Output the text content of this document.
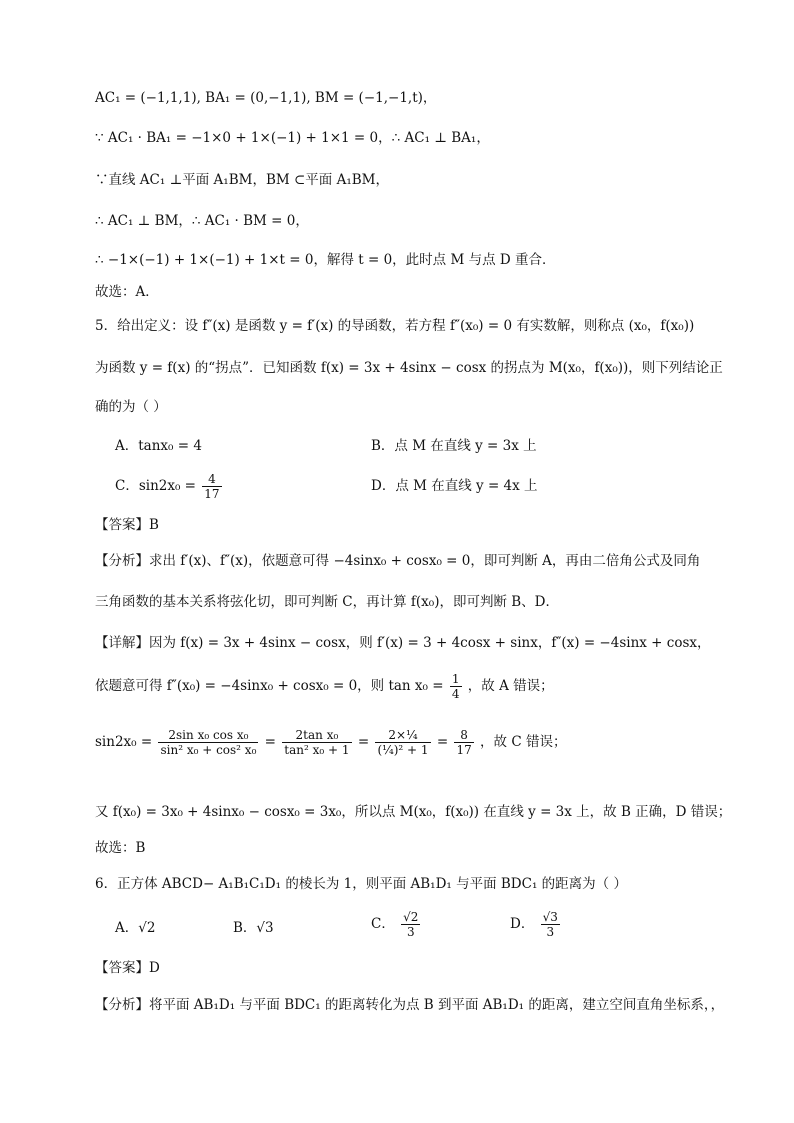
AC₁ = (−1,1,1), BA₁ = (0,−1,1), BM = (−1,−1,t)，
∵ AC₁ · BA₁ = −1×0 + 1×(−1) + 1×1 = 0，∴ AC₁ ⊥ BA₁，
∵直线 AC₁ ⊥平面 A₁BM，BM ⊂平面 A₁BM，
∴ AC₁ ⊥ BM，∴ AC₁ · BM = 0，
∴ −1×(−1) + 1×(−1) + 1×t = 0，解得 t = 0，此时点 M 与点 D 重合．
故选：A．
5．给出定义：设 f″(x) 是函数 y = f′(x) 的导函数，若方程 f″(x₀) = 0 有实数解，则称点 (x₀，f(x₀))
为函数 y = f(x) 的“拐点”．已知函数 f(x) = 3x + 4sinx − cosx 的拐点为 M(x₀，f(x₀))，则下列结论正
确的为（ ）
A．tanx₀ = 4	B．点 M 在直线 y = 3x 上
C．$\sin 2x_0 = \frac{4}{17}$	D．点 M 在直线 y = 4x 上
【答案】B
【分析】求出 f′(x)、f″(x)，依题意可得 −4sinx₀ + cosx₀ = 0，即可判断 A，再由二倍角公式及同角
三角函数的基本关系将弦化切，即可判断 C，再计算 f(x₀)，即可判断 B、D．
【详解】因为 f(x) = 3x + 4sinx − cosx，则 f′(x) = 3 + 4cosx + sinx，f″(x) = −4sinx + cosx，
依题意可得 f″(x₀) = −4sinx₀ + cosx₀ = 0，则 $\tan x_0 = \frac{1}{4}$ ，故 A 错误；
$\sin 2x_0 = \frac{\text{2sin x₀ cos x₀}}{\text{sin² x₀ + cos² x₀}} = \frac{\text{2tan x₀}}{\text{tan² x₀ + 1}} = \frac{\text{2×¼}}{\text{(¼)² + 1}} = \frac{8}{17}$ ，故 C 错误；
又 f(x₀) = 3x₀ + 4sinx₀ − cosx₀ = 3x₀，所以点 M(x₀，f(x₀)) 在直线 y = 3x 上，故 B 正确，D 错误；
故选：B
6．正方体 ABCD− A₁B₁C₁D₁ 的棱长为 1，则平面 AB₁D₁ 与平面 BDC₁ 的距离为（ ）
A．√2	B．√3	C． $\frac{√2}{3}$	D． $\frac{√3}{3}$
【答案】D
【分析】将平面 AB₁D₁ 与平面 BDC₁ 的距离转化为点 B 到平面 AB₁D₁ 的距离，建立空间直角坐标系，，
